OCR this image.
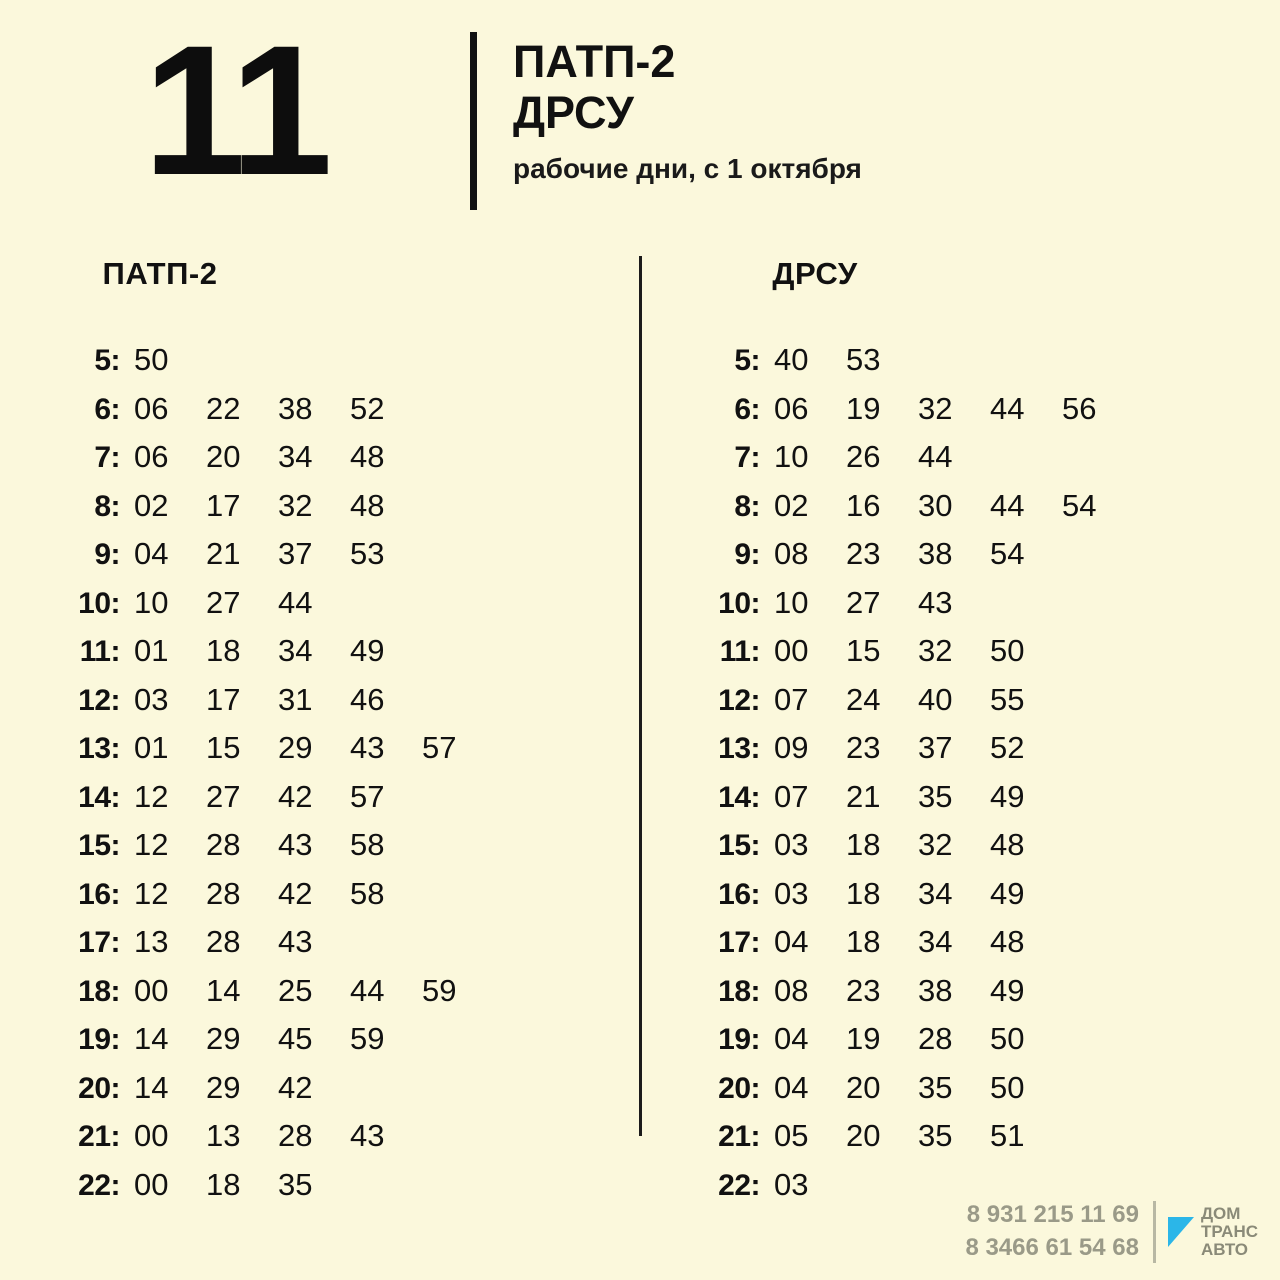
11	ПАТП-2
ДРСУ
рабочие дни, с 1 октября
ПАТП-2
5: 50
6: 06	22	38	52
7: 06	20	34	48
8: 02	17	32	48
9: 04	21	37	53
10: 10	27	44
11: 01	18	34	49
12: 03	17	31	46
13: 01	15	29	43	57
14: 12	27	42	57
15: 12	28	43	58
16: 12	28	42	58
17: 13	28	43
18: 00	14	25	44	59
19: 14	29	45	59
20: 14	29	42
21: 00	13	28	43
22: 00	18	35
ДРСУ
5: 40	53
6: 06	19	32	44	56
7: 10	26	44
8: 02	16	30	44	54
9: 08	23	38	54
10: 10	27	43
11: 00	15	32	50
12: 07	24	40	55
13: 09	23	37	52
14: 07	21	35	49
15: 03	18	32	48
16: 03	18	34	49
17: 04	18	34	48
18: 08	23	38	49
19: 04	19	28	50
20: 04	20	35	50
21: 05	20	35	51
22: 03
8 931 215 11 69
8 3466 61 54 68
ДОМ
ТРАНС
АВТО
